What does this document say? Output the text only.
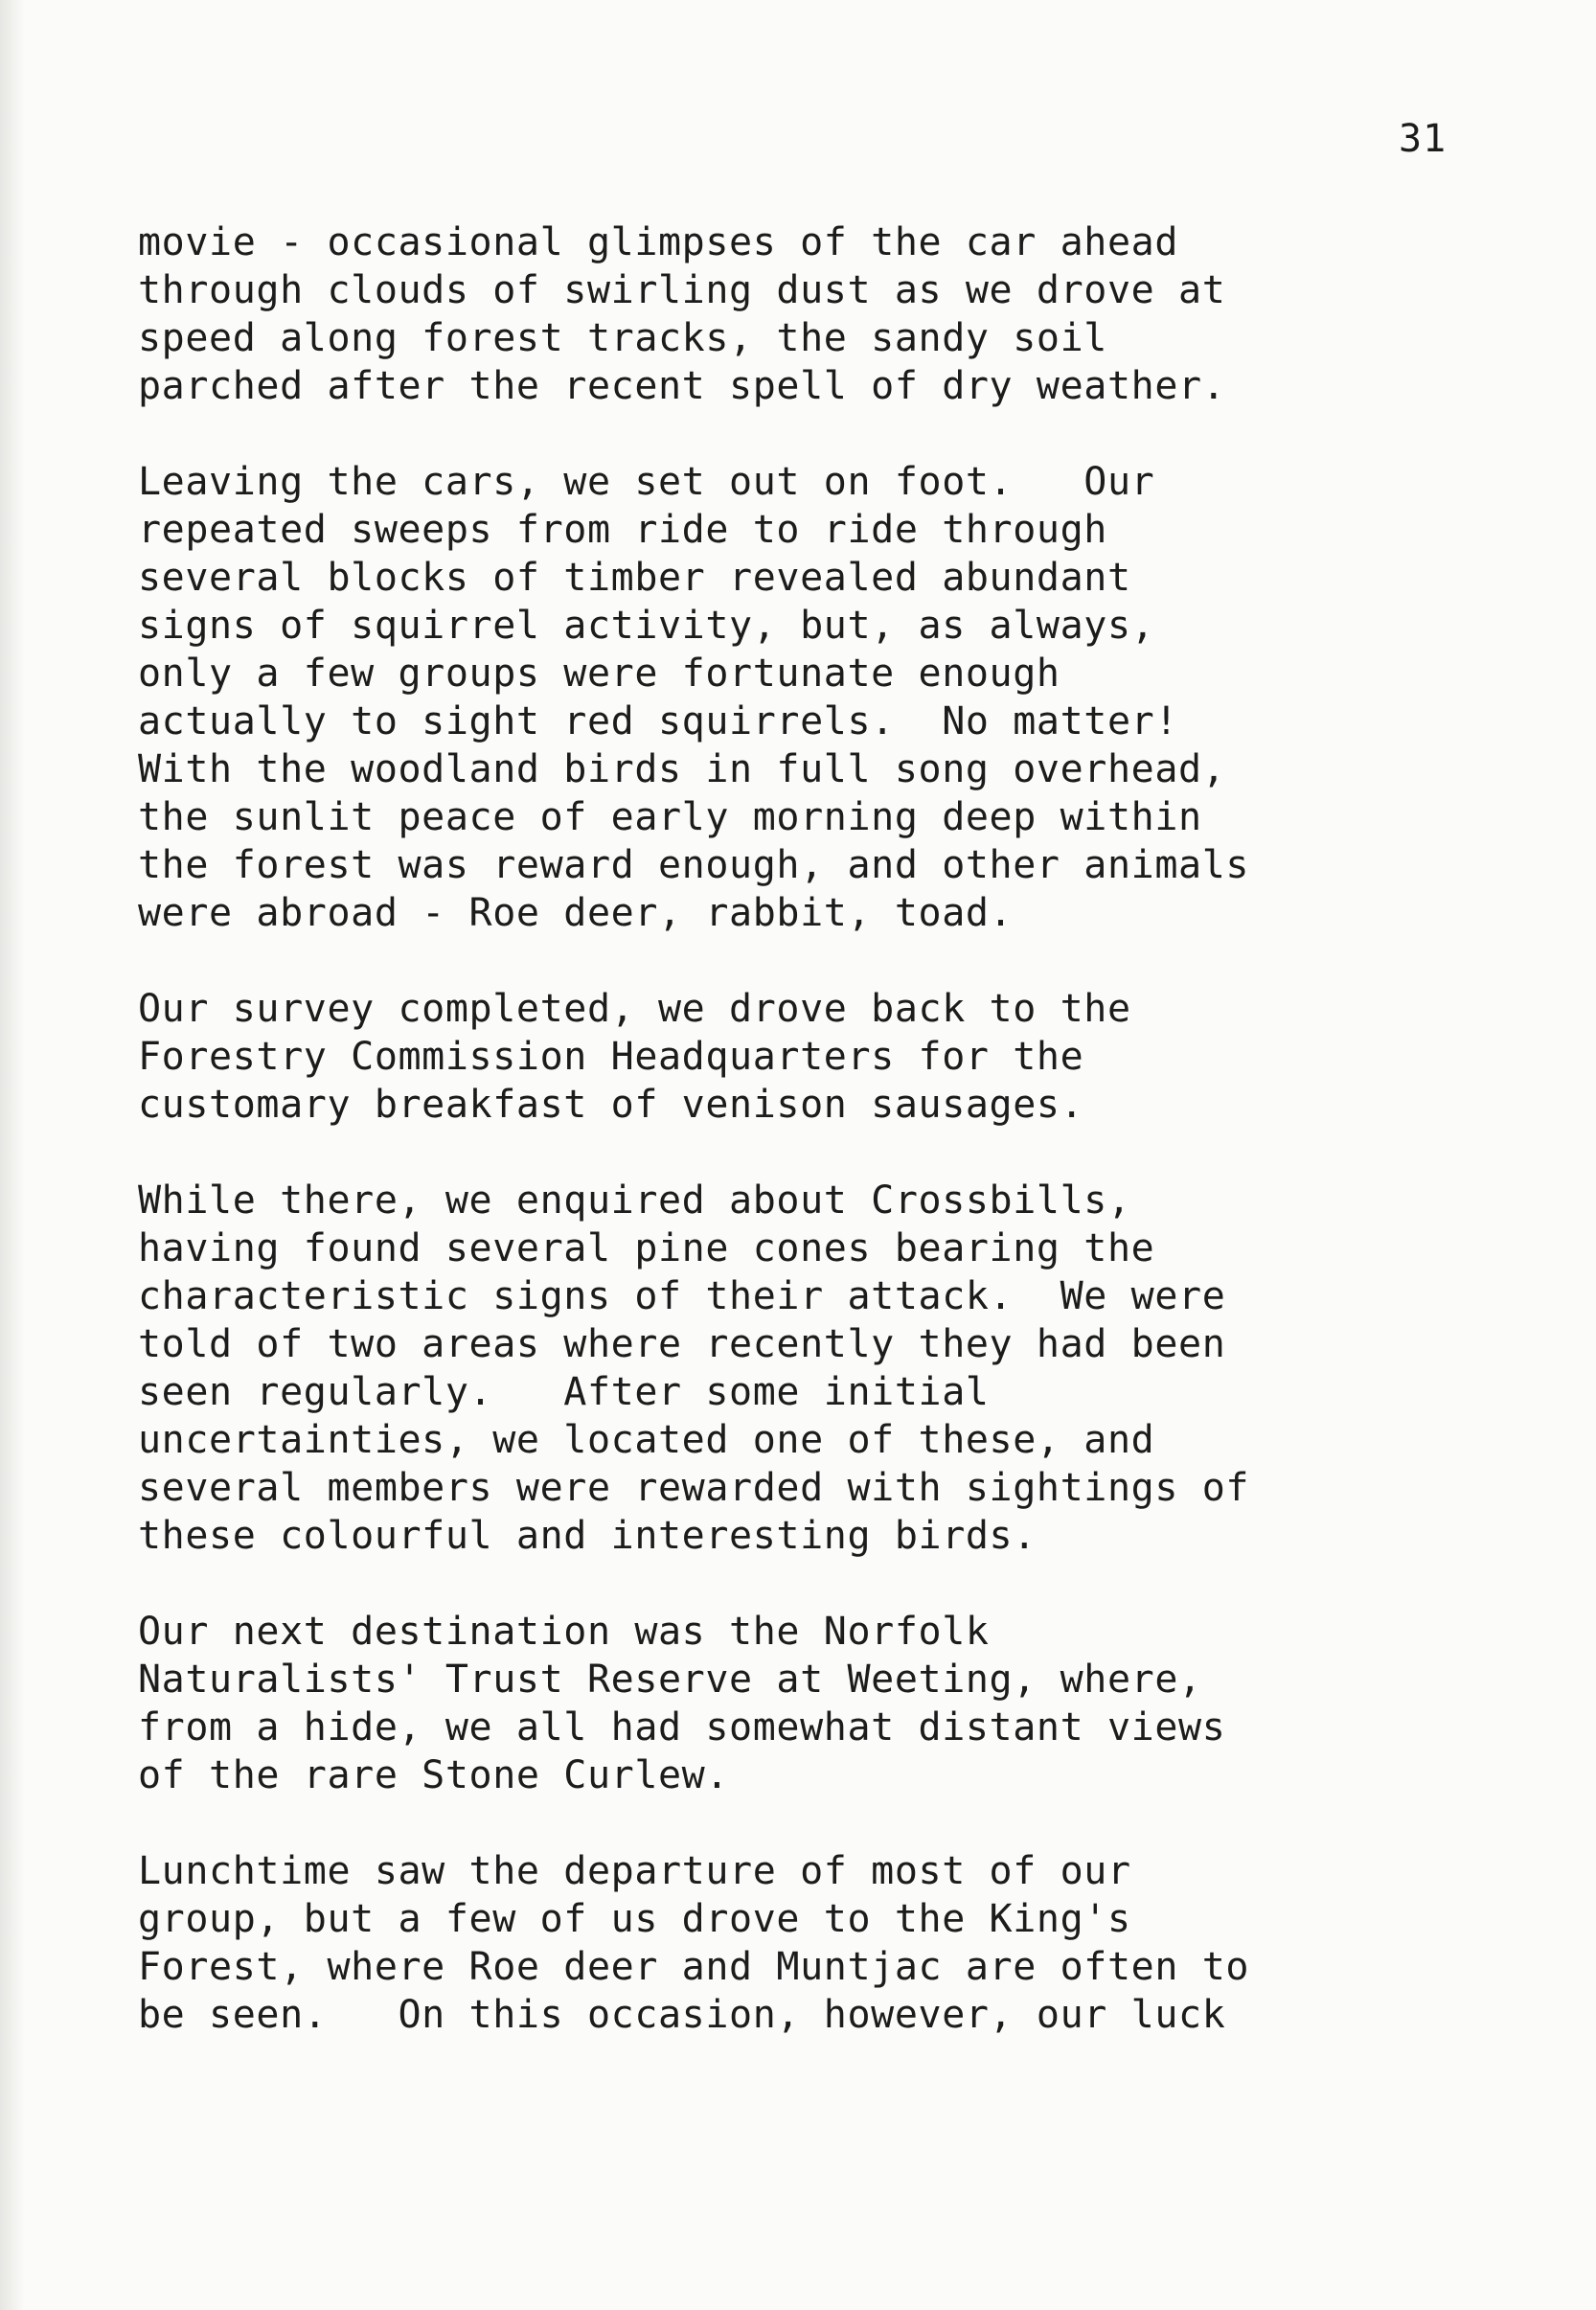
31

movie - occasional glimpses of the car ahead
through clouds of swirling dust as we drove at
speed along forest tracks, the sandy soil
parched after the recent spell of dry weather.

Leaving the cars, we set out on foot.   Our
repeated sweeps from ride to ride through
several blocks of timber revealed abundant
signs of squirrel activity, but, as always,
only a few groups were fortunate enough
actually to sight red squirrels.  No matter!
With the woodland birds in full song overhead,
the sunlit peace of early morning deep within
the forest was reward enough, and other animals
were abroad - Roe deer, rabbit, toad.

Our survey completed, we drove back to the
Forestry Commission Headquarters for the
customary breakfast of venison sausages.

While there, we enquired about Crossbills,
having found several pine cones bearing the
characteristic signs of their attack.  We were
told of two areas where recently they had been
seen regularly.   After some initial
uncertainties, we located one of these, and
several members were rewarded with sightings of
these colourful and interesting birds.

Our next destination was the Norfolk
Naturalists' Trust Reserve at Weeting, where,
from a hide, we all had somewhat distant views
of the rare Stone Curlew.

Lunchtime saw the departure of most of our
group, but a few of us drove to the King's
Forest, where Roe deer and Muntjac are often to
be seen.   On this occasion, however, our luck
